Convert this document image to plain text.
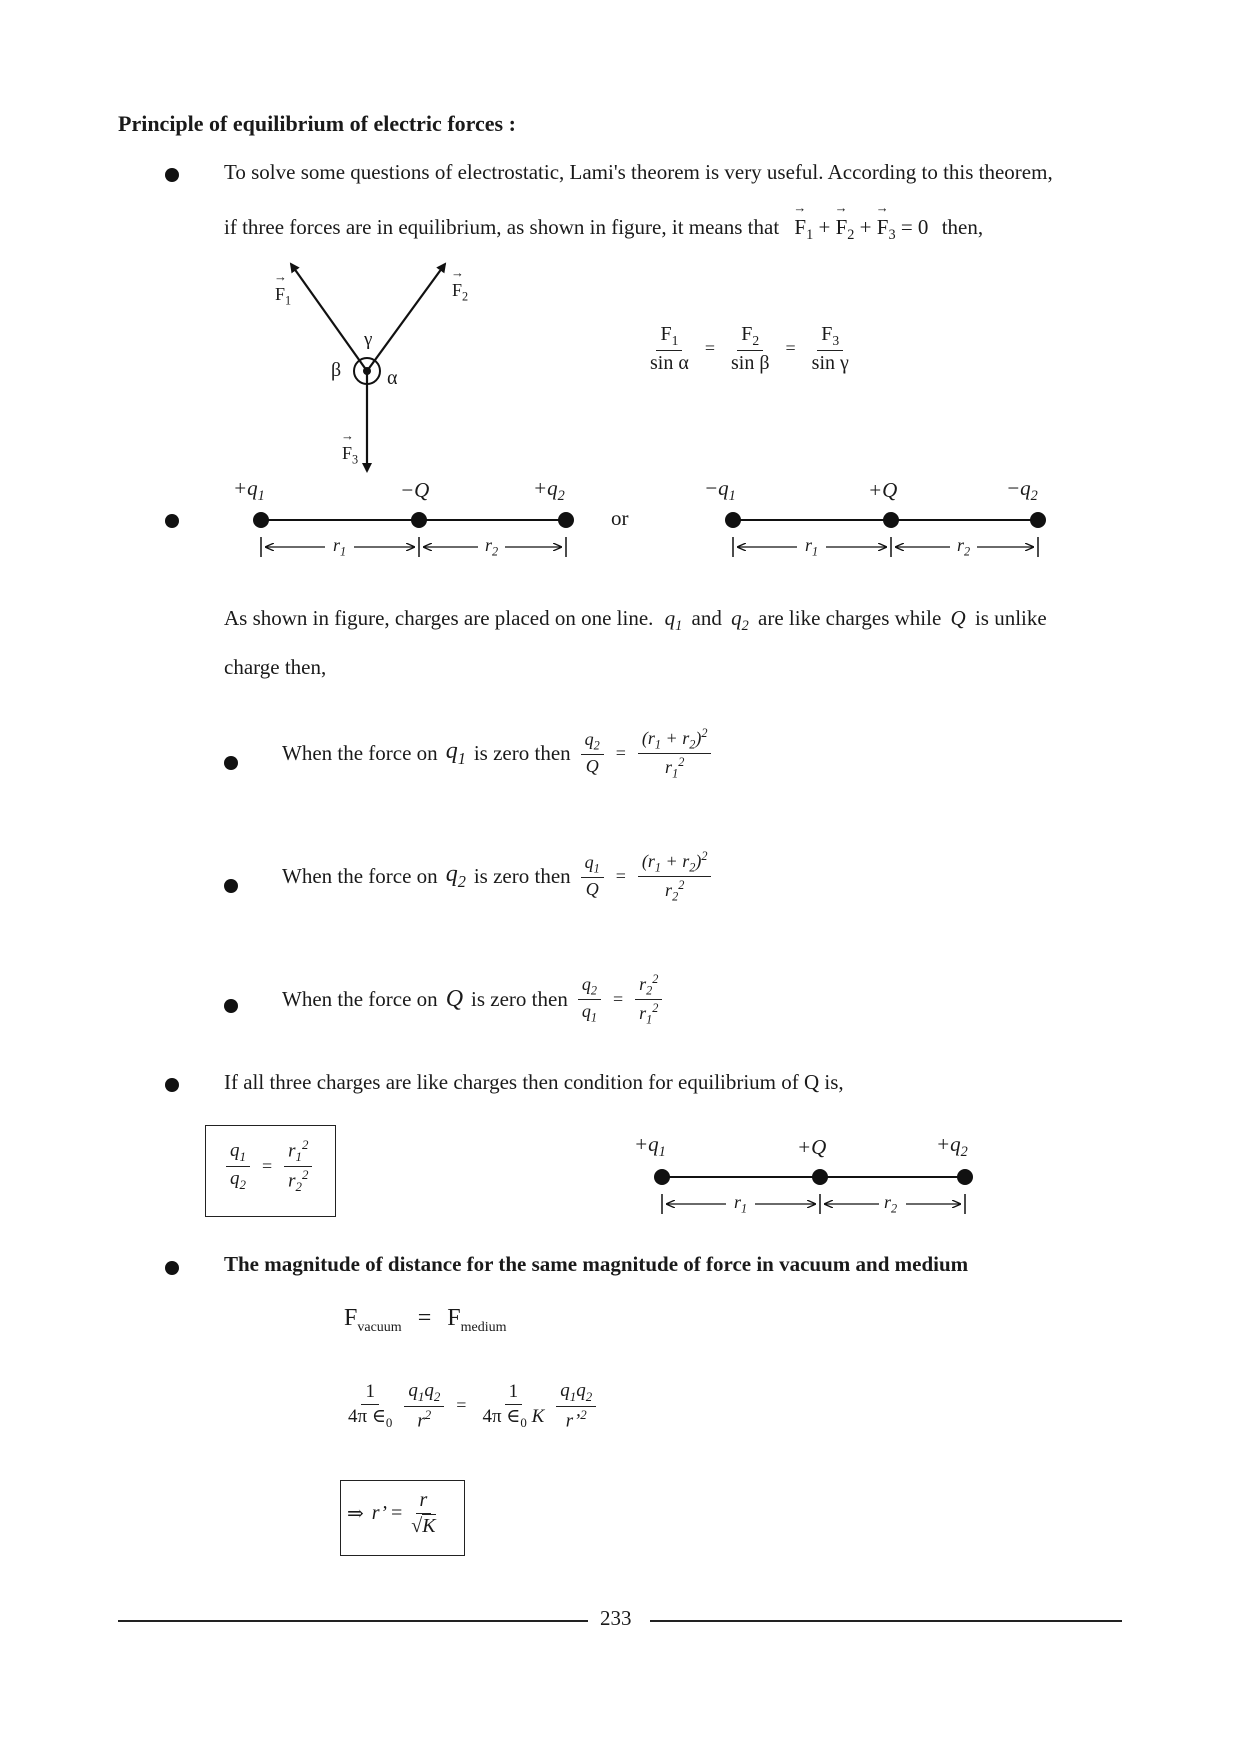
Principle of equilibrium of electric forces :
To solve some questions of electrostatic, Lami's theorem is very useful. According to this theorem,
if three forces are in equilibrium, as shown in figure, it means that → $F_1$ + → $F_2$ + → $F_3 = 0$ then,
→ $F_1$
→ $F_2$
→ $F_3$
γ
β α
$\frac{F_1}{\text{sin α}} = \frac{F_2}{\text{sin β}} = \frac{F_3}{\text{sin γ}}$
$+q_1$	−Q	$+q_2$
$r_1$	$r_2$
or
$-q_1$	+Q	$-q_2$
$r_1$	$r_2$
As shown in figure, charges are placed on one line. $q_1$ and $q_2$ are like charges while Q is unlike
charge then,
When the force on $q_1$ is zero then $\frac{q_2}{Q} = \frac{(r_1 + r_2)^2}{r_1^2}$
When the force on $q_2$ is zero then $\frac{q_1}{Q} = \frac{(r_1 + r_2)^2}{r_2^2}$
When the force on Q is zero then $\frac{q_2}{q_1} = \frac{r_2^2}{r_1^2}$
If all three charges are like charges then condition for equilibrium of Q is,
$\frac{q_1}{q_2} = \frac{r_1^2}{r_2^2}$	$+q_1$	+Q	$+q_2$
$r_1$	$r_2$
The magnitude of distance for the same magnitude of force in vacuum and medium
$F_{vacuum} = F_{medium}$
$\frac{1}{4\pi \in_0} \frac{q_1q_2}{r^2} = \frac{1}{4\pi \in_0 K} \frac{q_1q_2}{r’^2}$
⇒ r’ = $\frac{r}{√K}$
233
